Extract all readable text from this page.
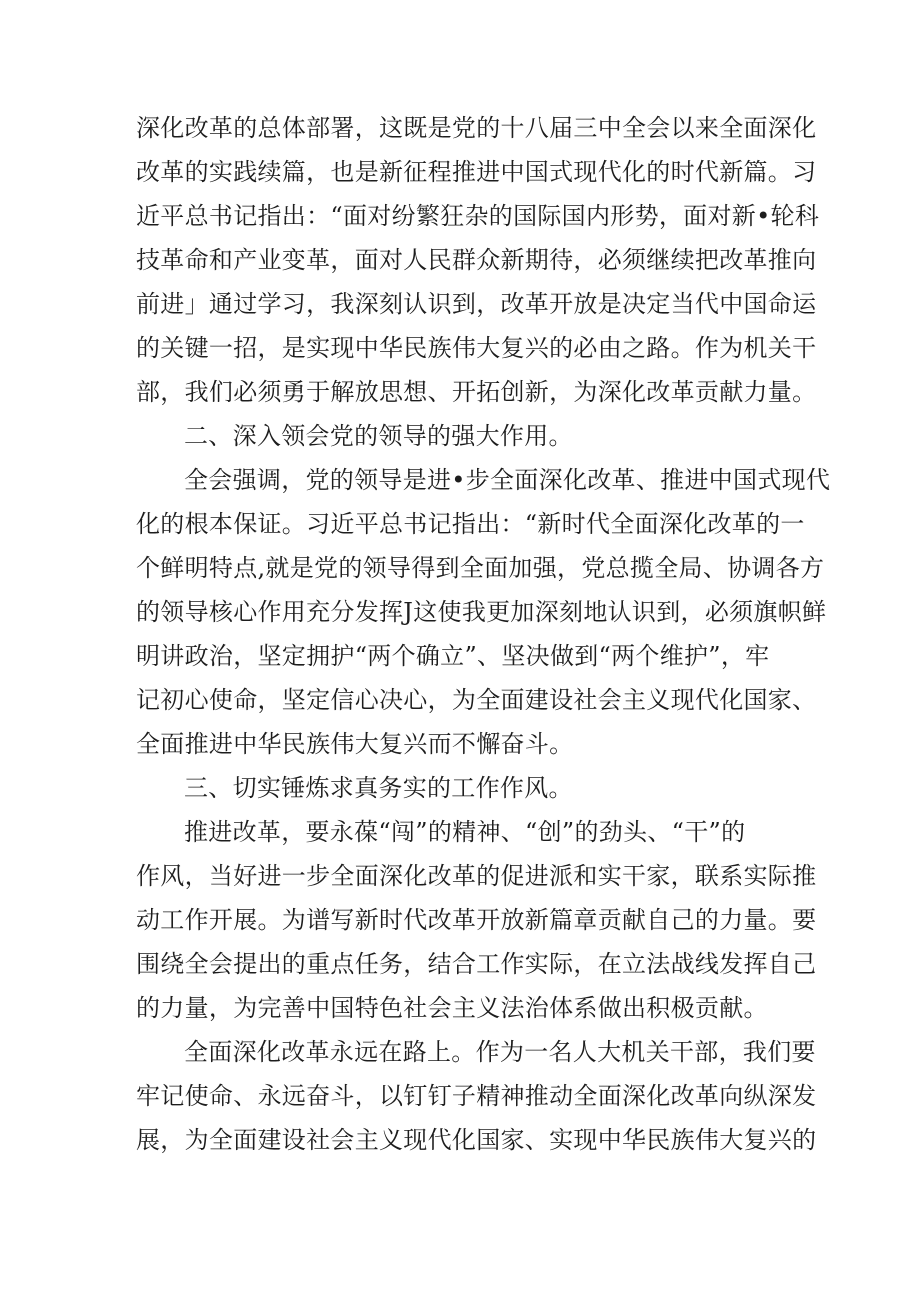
深化改革的总体部署，这既是党的十八届三中全会以来全面深化
改革的实践续篇，也是新征程推进中国式现代化的时代新篇。习
近平总书记指出：“面对纷繁狂杂的国际国内形势，面对新•轮科
技革命和产业变革，面对人民群众新期待，必须继续把改革推向
前进」通过学习，我深刻认识到，改革开放是决定当代中国命运
的关键一招，是实现中华民族伟大复兴的必由之路。作为机关干
部，我们必须勇于解放思想、开拓创新，为深化改革贡献力量。
二、深入领会党的领导的强大作用。
全会强调，党的领导是进•步全面深化改革、推进中国式现代
化的根本保证。习近平总书记指出：“新时代全面深化改革的一
个鲜明特点,就是党的领导得到全面加强，党总揽全局、协调各方
的领导核心作用充分发挥J这使我更加深刻地认识到，必须旗帜鲜
明讲政治，坚定拥护“两个确立”、坚决做到“两个维护”，牢
记初心使命，坚定信心决心，为全面建设社会主义现代化国家、
全面推进中华民族伟大复兴而不懈奋斗。
三、切实锤炼求真务实的工作作风。
推进改革，要永葆“闯”的精神、“创”的劲头、“干”的
作风，当好进一步全面深化改革的促进派和实干家，联系实际推
动工作开展。为谱写新时代改革开放新篇章贡献自己的力量。要
围绕全会提出的重点任务，结合工作实际，在立法战线发挥自己
的力量，为完善中国特色社会主义法治体系做出积极贡献。
全面深化改革永远在路上。作为一名人大机关干部，我们要
牢记使命、永远奋斗，以钉钉子精神推动全面深化改革向纵深发
展，为全面建设社会主义现代化国家、实现中华民族伟大复兴的
